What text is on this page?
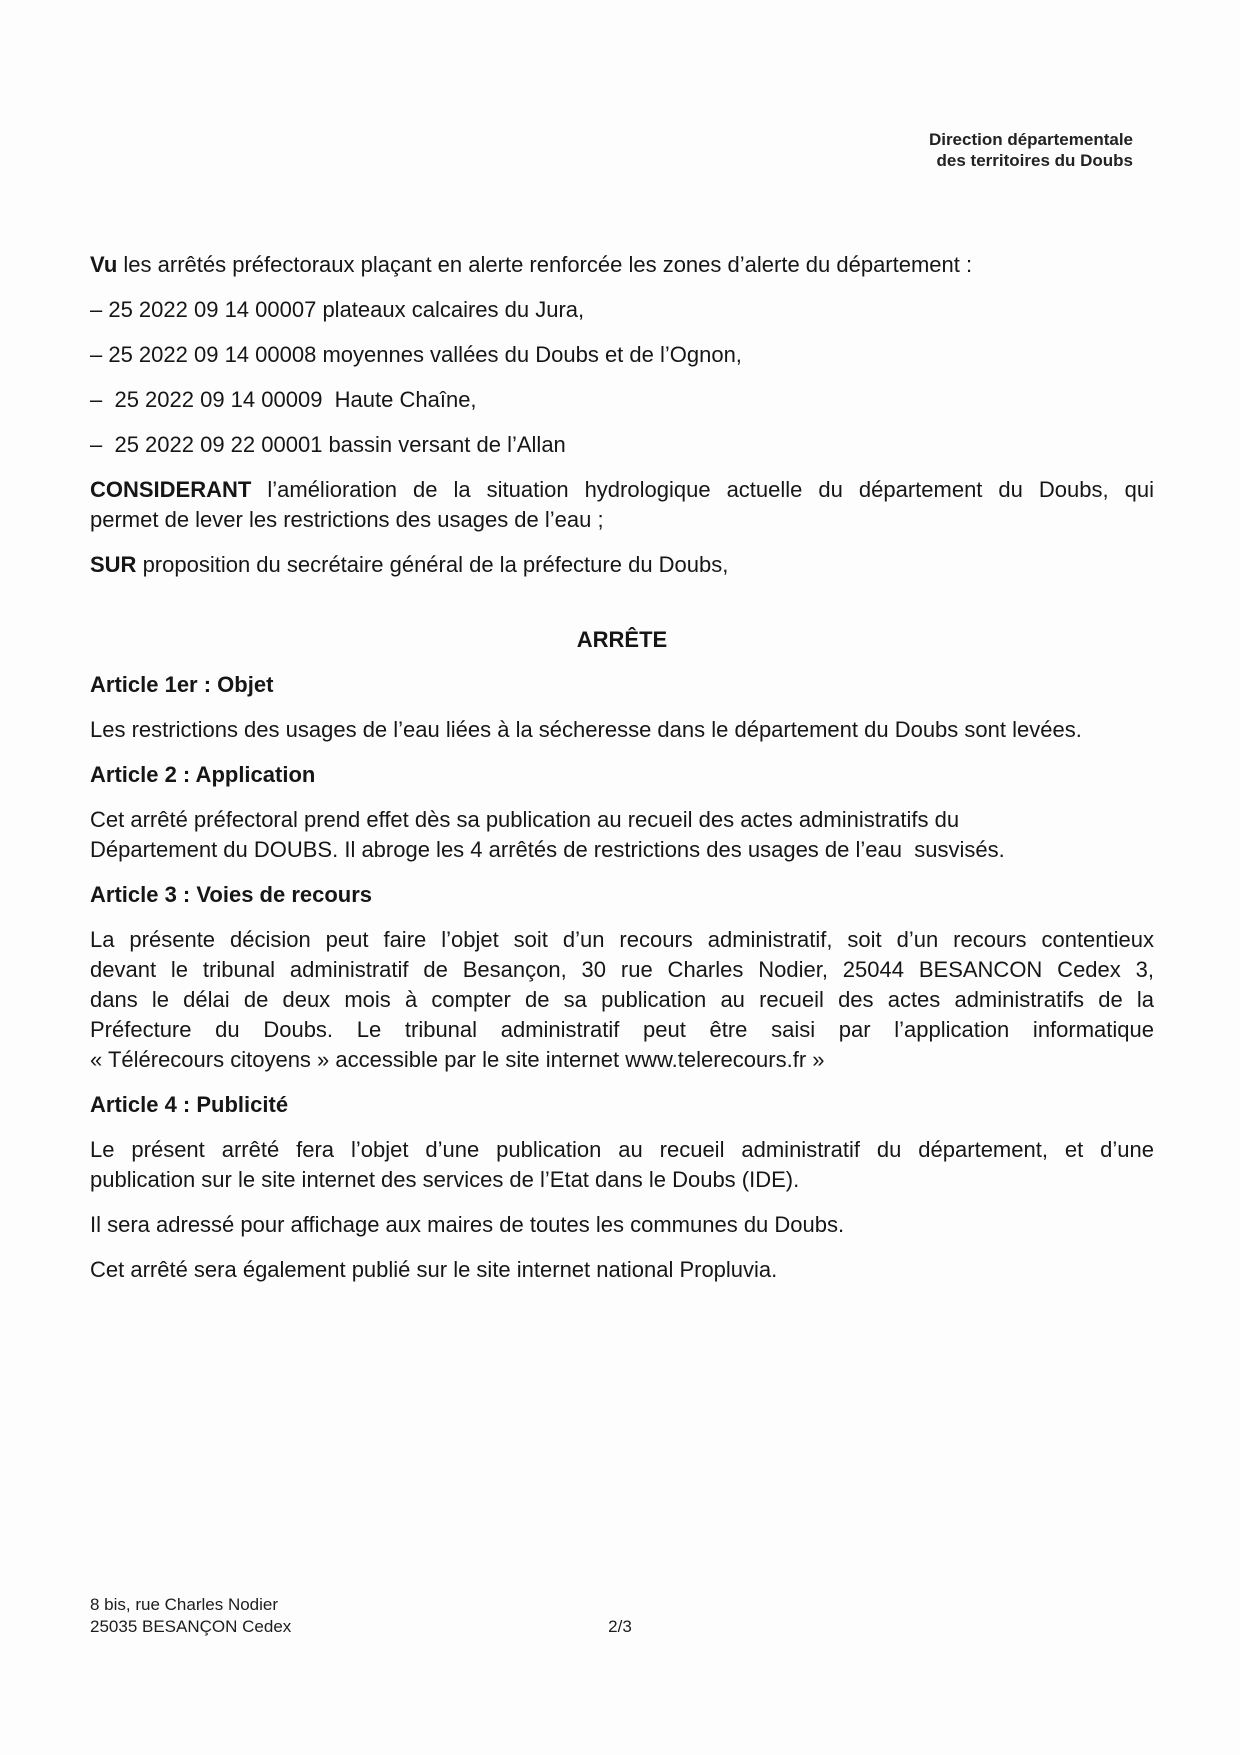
Direction départementale
des territoires du Doubs
Vu les arrêtés préfectoraux plaçant en alerte renforcée les zones d’alerte du département :
– 25 2022 09 14 00007 plateaux calcaires du Jura,
– 25 2022 09 14 00008 moyennes vallées du Doubs et de l’Ognon,
–  25 2022 09 14 00009  Haute Chaîne,
–  25 2022 09 22 00001 bassin versant de l’Allan
CONSIDERANT l’amélioration de la situation hydrologique actuelle du département du Doubs, qui
permet de lever les restrictions des usages de l’eau ;
SUR proposition du secrétaire général de la préfecture du Doubs,
ARRÊTE
Article 1er : Objet
Les restrictions des usages de l’eau liées à la sécheresse dans le département du Doubs sont levées.
Article 2 : Application
Cet arrêté préfectoral prend effet dès sa publication au recueil des actes administratifs du
Département du DOUBS. Il abroge les 4 arrêtés de restrictions des usages de l’eau  susvisés.
Article 3 : Voies de recours
La présente décision peut faire l’objet soit d’un recours administratif, soit d’un recours contentieux
devant le tribunal administratif de Besançon, 30 rue Charles Nodier, 25044 BESANCON Cedex 3,
dans le délai de deux mois à compter de sa publication au recueil des actes administratifs de la
Préfecture du Doubs. Le tribunal administratif peut être saisi par l’application informatique
« Télérecours citoyens » accessible par le site internet www.telerecours.fr »
Article 4 : Publicité
Le présent arrêté fera l’objet d’une publication au recueil administratif du département, et d’une
publication sur le site internet des services de l’Etat dans le Doubs (IDE).
Il sera adressé pour affichage aux maires de toutes les communes du Doubs.
Cet arrêté sera également publié sur le site internet national Propluvia.
8 bis, rue Charles Nodier
25035 BESANÇON Cedex	2/3
